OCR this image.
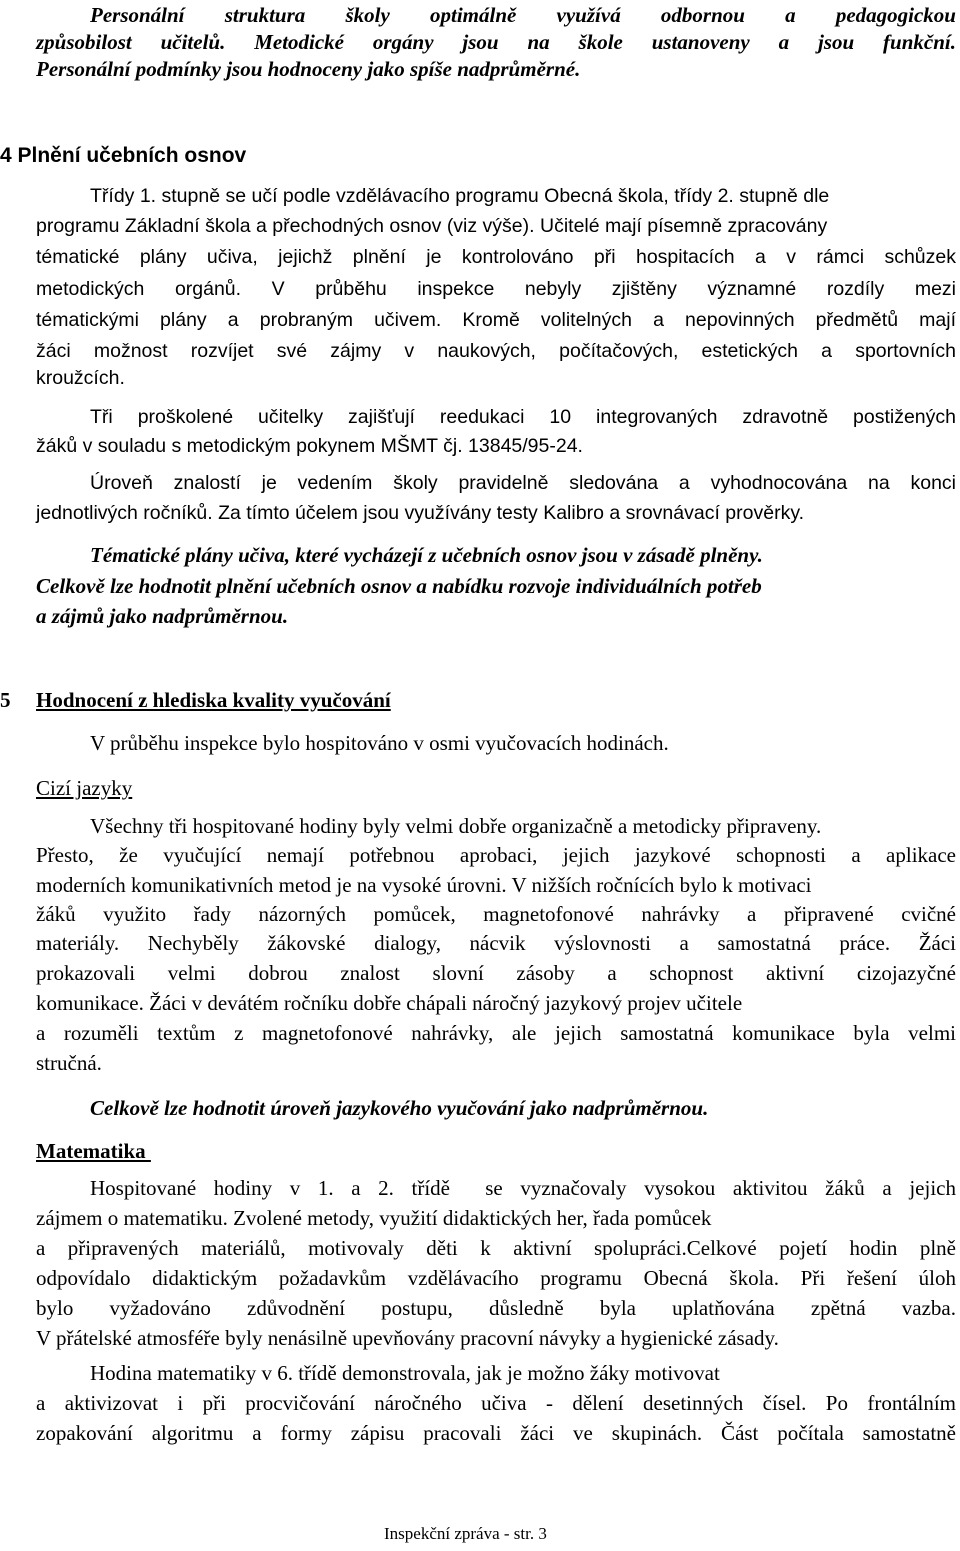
Personální struktura školy optimálně využívá odbornou a pedagogickou
způsobilost učitelů. Metodické orgány jsou na škole ustanoveny a jsou funkční.
Personální podmínky jsou hodnoceny jako spíše nadprůměrné.
4 Plnění učebních osnov
Třídy 1. stupně se učí podle vzdělávacího programu Obecná škola, třídy 2. stupně dle
programu Základní škola a přechodných osnov (viz výše). Učitelé mají písemně zpracovány
tématické plány učiva, jejichž plnění je kontrolováno při hospitacích a v rámci schůzek
metodických orgánů. V průběhu inspekce nebyly zjištěny významné rozdíly mezi
tématickými plány a probraným učivem. Kromě volitelných a nepovinných předmětů mají
žáci možnost rozvíjet své zájmy v naukových, počítačových, estetických a sportovních
kroužcích.
Tři proškolené učitelky zajišťují reedukaci 10 integrovaných zdravotně postižených
žáků v souladu s metodickým pokynem MŠMT čj. 13845/95-24.
Úroveň znalostí je vedením školy pravidelně sledována a vyhodnocována na konci
jednotlivých ročníků. Za tímto účelem jsou využívány testy Kalibro a srovnávací prověrky.
Tématické plány učiva, které vycházejí z učebních osnov jsou v zásadě plněny.
Celkově lze hodnotit plnění učebních osnov a nabídku rozvoje individuálních potřeb
a zájmů jako nadprůměrnou.
5 Hodnocení z hlediska kvality vyučování
V průběhu inspekce bylo hospitováno v osmi vyučovacích hodinách.
Cizí jazyky
Všechny tři hospitované hodiny byly velmi dobře organizačně a metodicky připraveny.
Přesto, že vyučující nemají potřebnou aprobaci, jejich jazykové schopnosti a aplikace
moderních komunikativních metod je na vysoké úrovni. V nižších ročnících bylo k motivaci
žáků využito řady názorných pomůcek, magnetofonové nahrávky a připravené cvičné
materiály. Nechyběly žákovské dialogy, nácvik výslovnosti a samostatná práce. Žáci
prokazovali velmi dobrou znalost slovní zásoby a schopnost aktivní cizojazyčné
komunikace. Žáci v devátém ročníku dobře chápali náročný jazykový projev učitele
a rozuměli textům z magnetofonové nahrávky, ale jejich samostatná komunikace byla velmi
stručná.
Celkově lze hodnotit úroveň jazykového vyučování jako nadprůměrnou.
Matematika
Hospitované hodiny v 1. a 2. třídě  se vyznačovaly vysokou aktivitou žáků a jejich
zájmem o matematiku. Zvolené metody, využití didaktických her, řada pomůcek
a připravených materiálů, motivovaly děti k aktivní spolupráci.Celkové pojetí hodin plně
odpovídalo didaktickým požadavkům vzdělávacího programu Obecná škola. Při řešení úloh
bylo vyžadováno zdůvodnění postupu, důsledně byla uplatňována zpětná vazba.
V přátelské atmosféře byly nenásilně upevňovány pracovní návyky a hygienické zásady.
Hodina matematiky v 6. třídě demonstrovala, jak je možno žáky motivovat
a aktivizovat i při procvičování náročného učiva - dělení desetinných čísel. Po frontálním
zopakování algoritmu a formy zápisu pracovali žáci ve skupinách. Část počítala samostatně
Inspekční zpráva - str. 3
